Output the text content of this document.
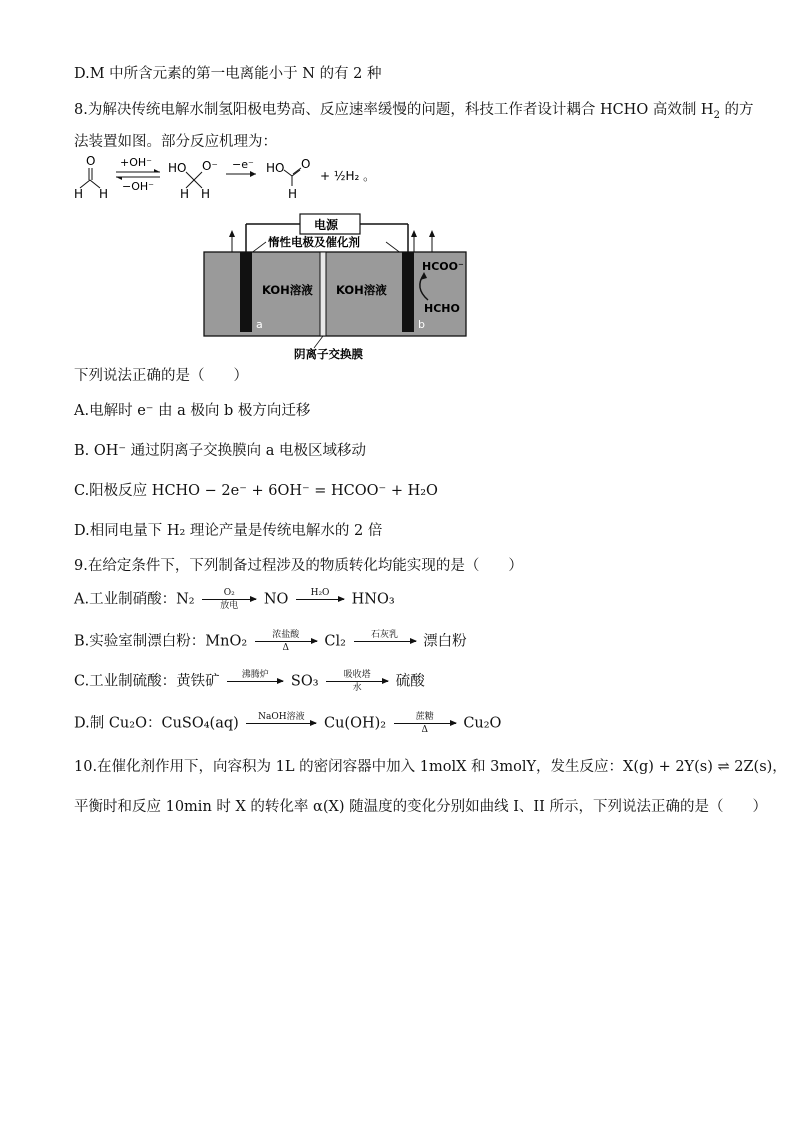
D.M 中所含元素的第一电离能小于 N 的有 2 种
8.为解决传统电解水制氢阳极电势高、反应速率缓慢的问题，科技工作者设计耦合 HCHO 高效制 $H_2$ 的方
法装置如图。部分反应机理为：
O
H H
+OH⁻
−OH⁻
HO O⁻
H H
−e⁻ HO O
H
+ ½H₂ 。
电源
惰性电极及催化剂
a	b
KOH溶液 KOH溶液
HCOO⁻
HCHO
阴离子交换膜
下列说法正确的是（　　）
A.电解时 e⁻ 由 a 极向 b 极方向迁移
B. OH⁻ 通过阴离子交换膜向 a 电极区域移动
C.阳极反应 HCHO − 2e⁻ + 6OH⁻ = HCOO⁻ + H₂O
D.相同电量下 H₂ 理论产量是传统电解水的 2 倍
9.在给定条件下，下列制备过程涉及的物质转化均能实现的是（　　）
A.工业制硝酸：N₂	O₂
放电	NO	H₂O
	HNO₃
B.实验室制漂白粉：MnO₂	浓盐酸
Δ	Cl₂	石灰乳
	漂白粉
C.工业制硫酸：黄铁矿	沸腾炉
	SO₃	吸收塔
水	硫酸
D.制 Cu₂O：CuSO₄(aq)	NaOH溶液
	Cu(OH)₂	蔗糖
Δ	Cu₂O
10.在催化剂作用下，向容积为 1L 的密闭容器中加入 1molX 和 3molY，发生反应：X(g) + 2Y(s) ⇌ 2Z(s)，
平衡时和反应 10min 时 X 的转化率 α(X) 随温度的变化分别如曲线 I、II 所示，下列说法正确的是（　　）
